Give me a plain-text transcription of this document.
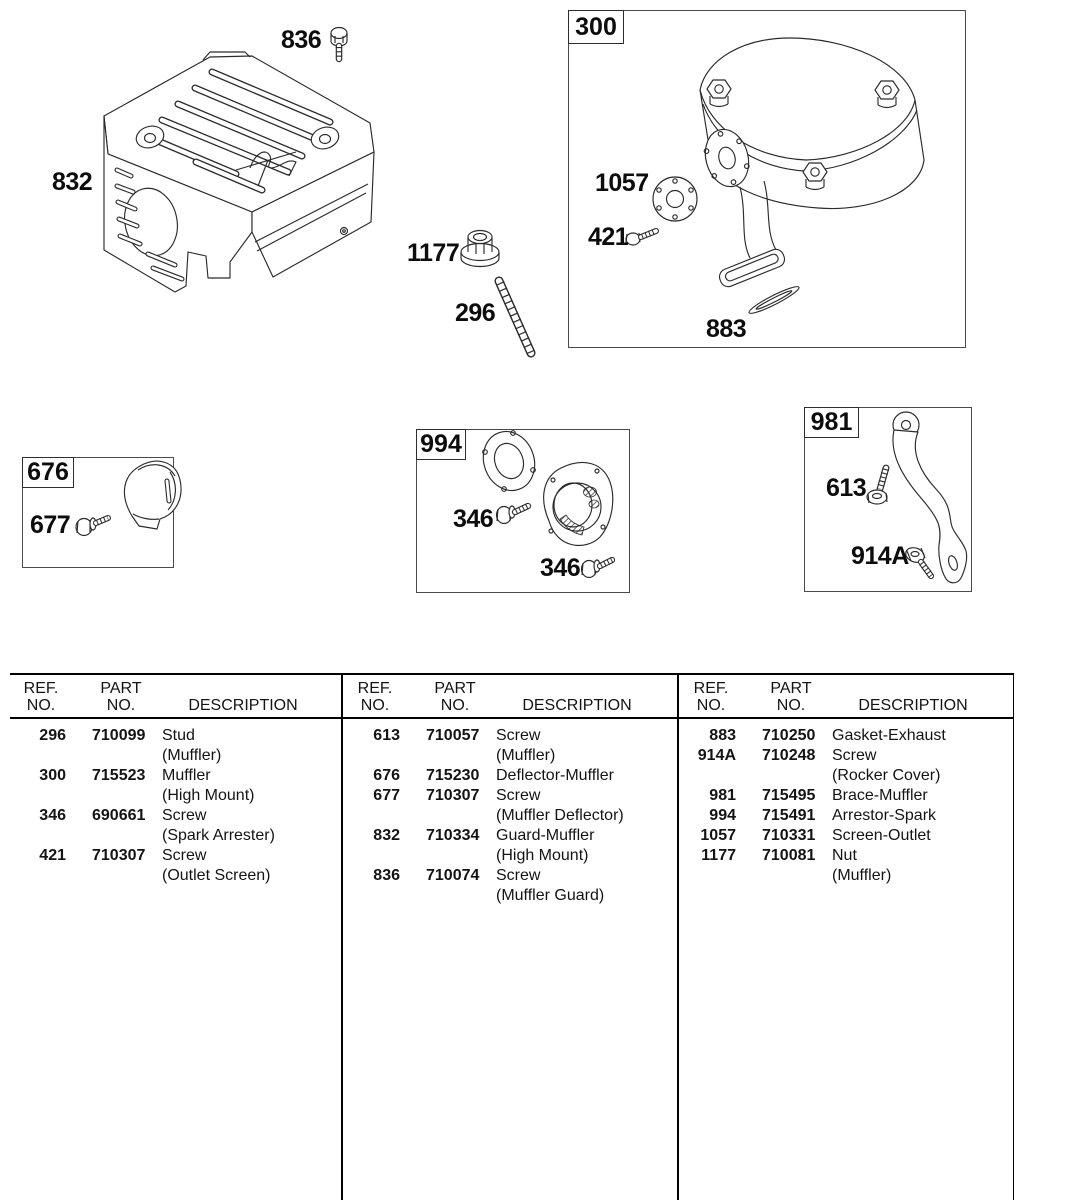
300
676
994
981
836
832
1177
296
1057
421
883
677	346
346
613
914A
REF.
NO.
PART
NO.	DESCRIPTION
REF.
NO.
PART
NO.	DESCRIPTION
REF.
NO.
PART
NO.	DESCRIPTION
296 710099 Stud
(Muffler)
300 715523 Muffler
(High Mount)
346 690661 Screw
(Spark Arrester)
421 710307 Screw
(Outlet Screen)
613 710057 Screw
(Muffler)
676 715230 Deflector-Muffler
677 710307 Screw
(Muffler Deflector)
832 710334 Guard-Muffler
(High Mount)
836 710074 Screw
(Muffler Guard)
883 710250 Gasket-Exhaust
914A 710248 Screw
(Rocker Cover)
981 715495 Brace-Muffler
994 715491 Arrestor-Spark
1057 710331 Screen-Outlet
1177 710081 Nut
(Muffler)
